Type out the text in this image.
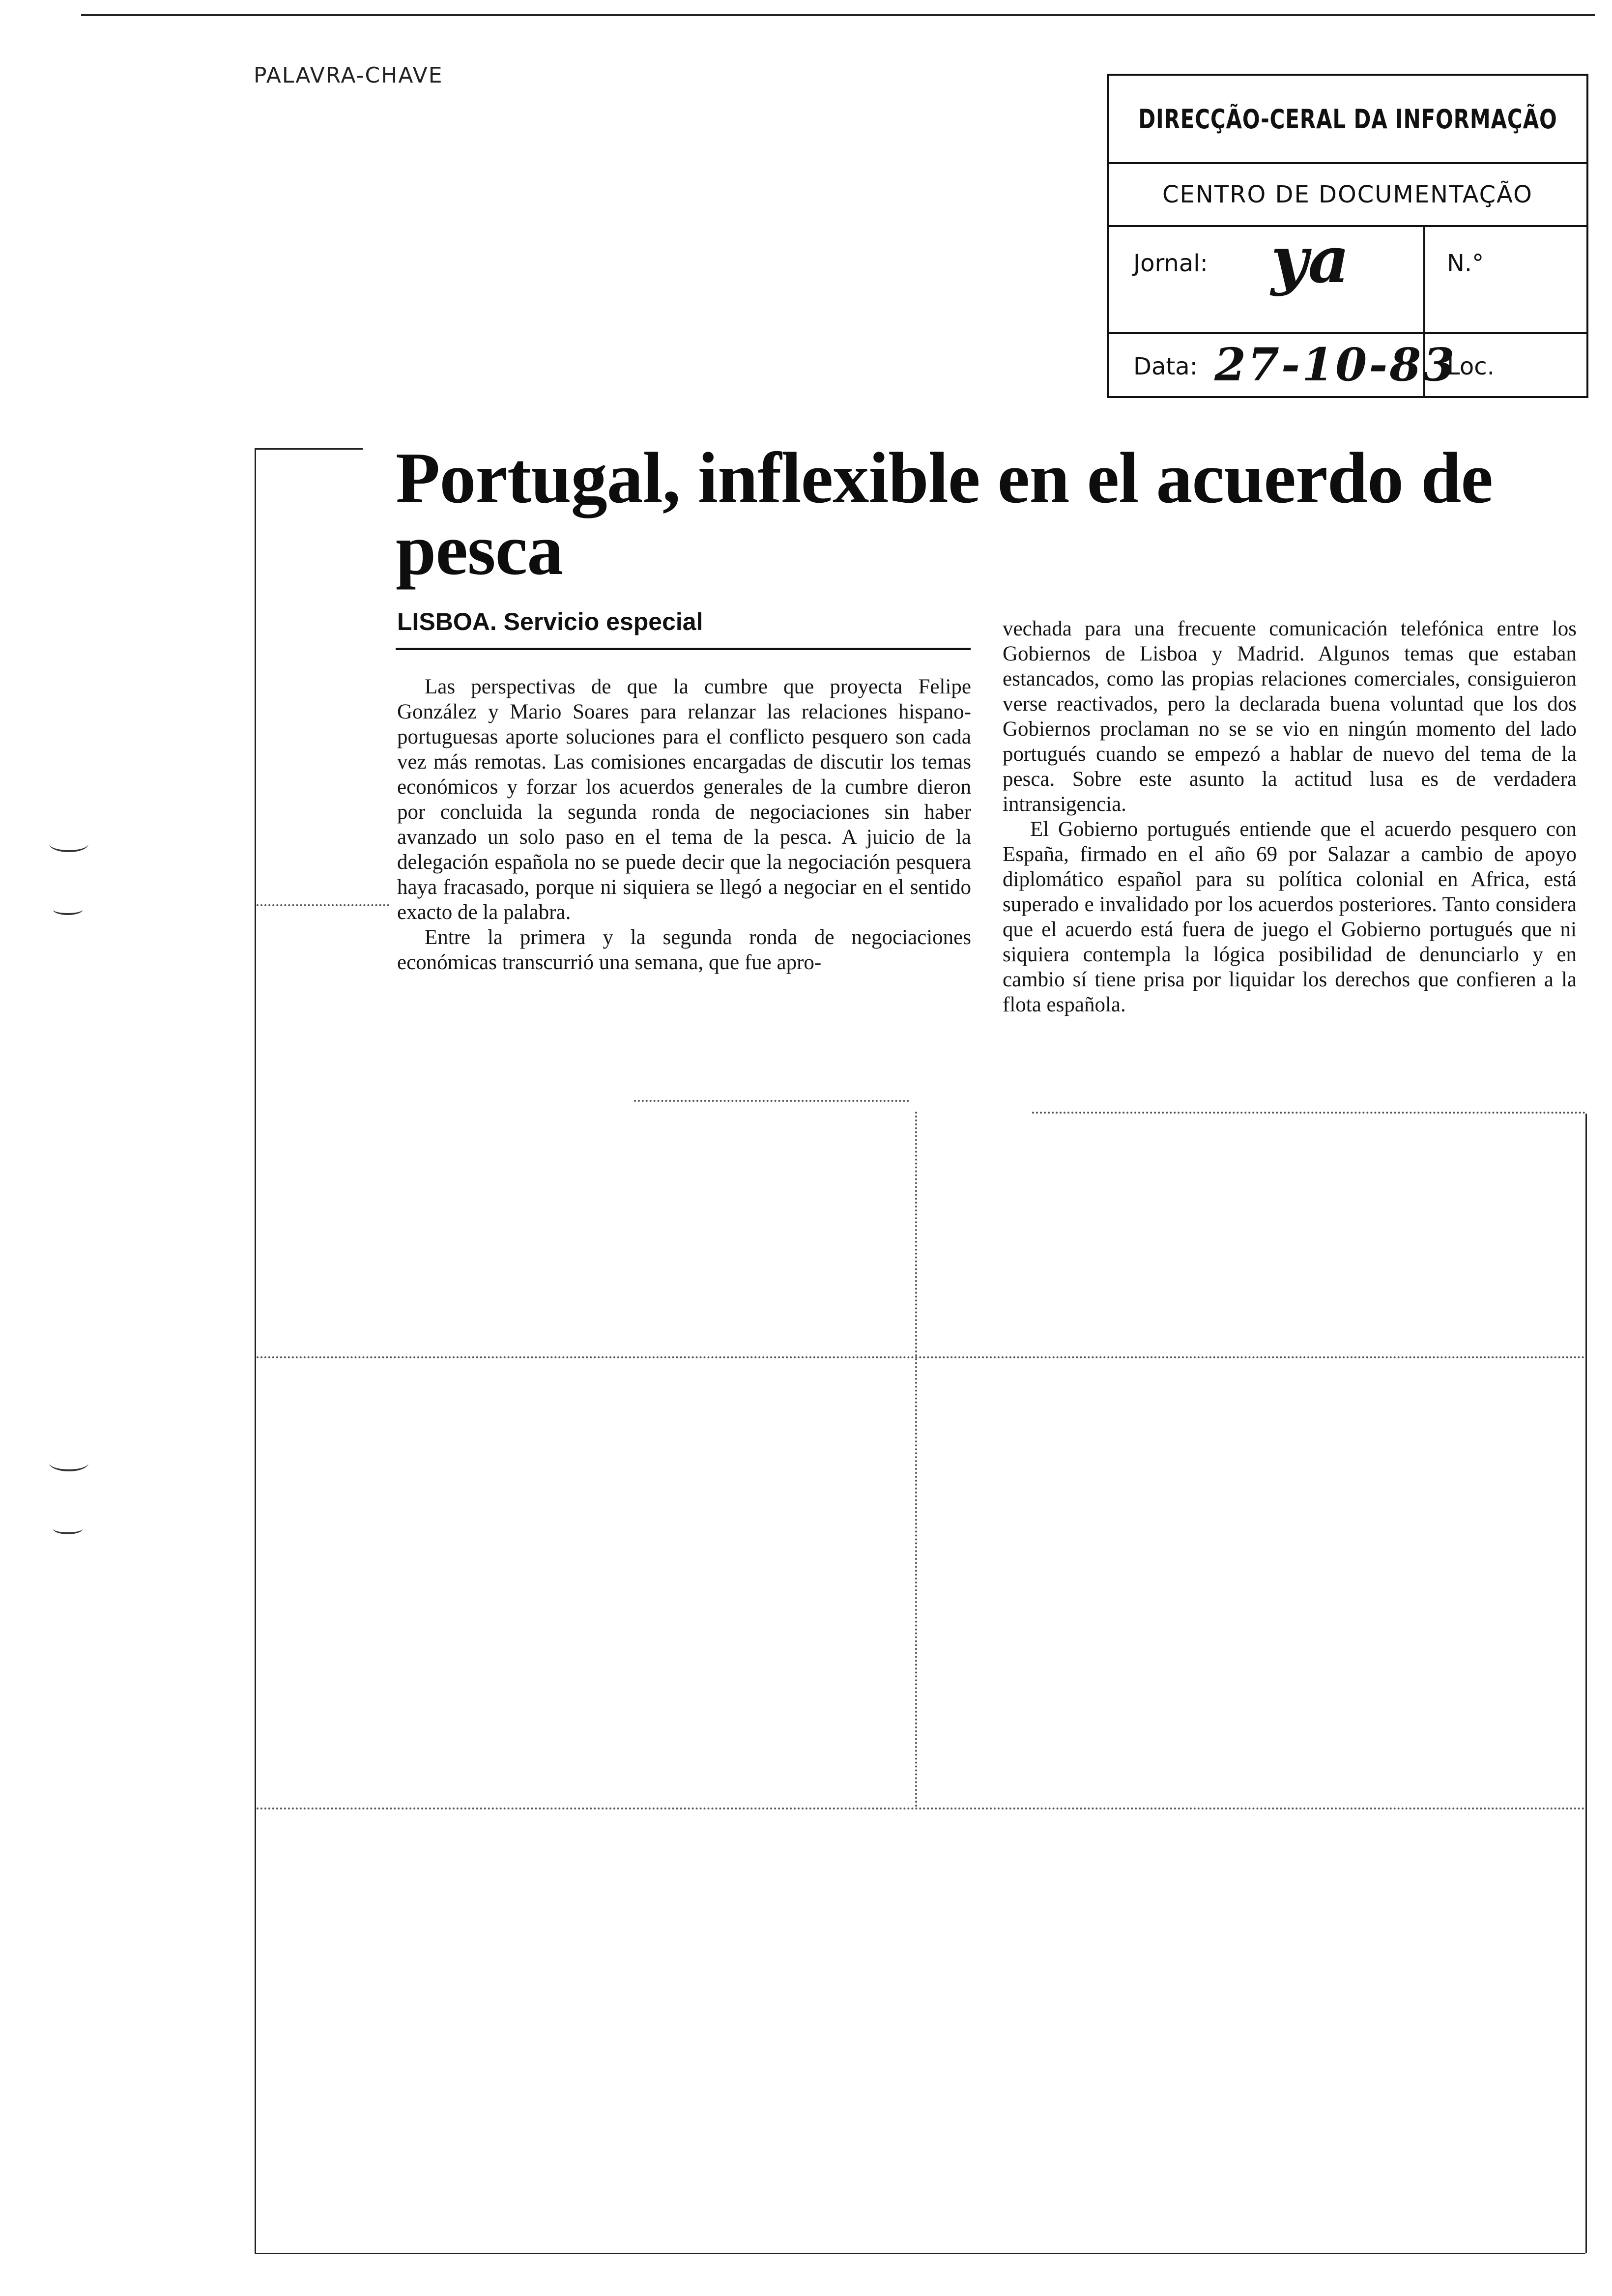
PALAVRA-CHAVE
DIRECÇÃO-CERAL DA INFORMAÇÃO
CENTRO DE DOCUMENTAÇÃO
Jornal: ya	N.°
Data: 27-10-83
Loc.
Portugal, inflexible en el acuerdo de pesca
LISBOA. Servicio especial

Las perspectivas de que la cumbre que proyecta Felipe González y Mario Soares para relanzar las relaciones hispano-portuguesas aporte soluciones para el conflicto pesquero son cada vez más remotas. Las comisiones encargadas de discutir los temas económicos y forzar los acuerdos generales de la cumbre dieron por concluida la segunda ronda de negociaciones sin haber avanzado un solo paso en el tema de la pesca. A juicio de la delegación española no se puede decir que la negociación pesquera haya fracasado, porque ni siquiera se llegó a negociar en el sentido exacto de la palabra.

Entre la primera y la segunda ronda de negociaciones económicas transcurrió una semana, que fue apro-

vechada para una frecuente comunicación telefónica entre los Gobiernos de Lisboa y Madrid. Algunos temas que estaban estancados, como las propias relaciones comerciales, consiguieron verse reactivados, pero la declarada buena voluntad que los dos Gobiernos proclaman no se se vio en ningún momento del lado portugués cuando se empezó a hablar de nuevo del tema de la pesca. Sobre este asunto la actitud lusa es de verdadera intransigencia.

El Gobierno portugués entiende que el acuerdo pesquero con España, firmado en el año 69 por Salazar a cambio de apoyo diplomático español para su política colonial en Africa, está superado e invalidado por los acuerdos posteriores. Tanto considera que el acuerdo está fuera de juego el Gobierno portugués que ni siquiera contempla la lógica posibilidad de denunciarlo y en cambio sí tiene prisa por liquidar los derechos que confieren a la flota española.
